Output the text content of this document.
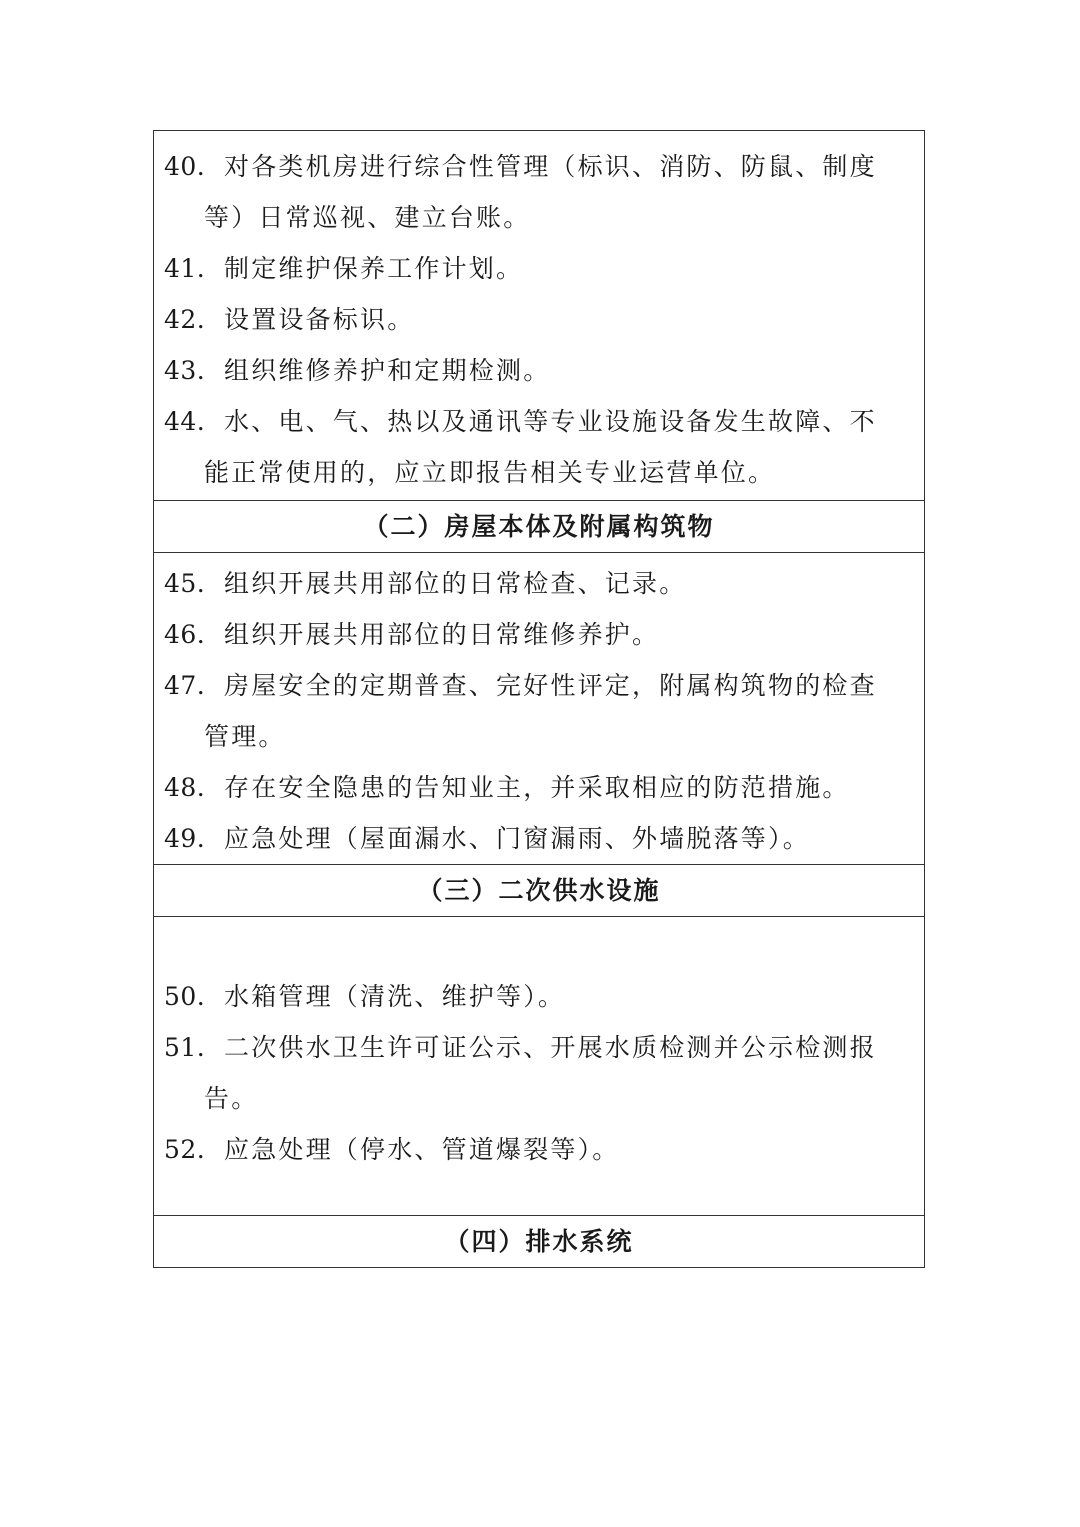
40. 对各类机房进行综合性管理（标识、消防、防鼠、制度
等）日常巡视、建立台账。
41. 制定维护保养工作计划。
42. 设置设备标识。
43. 组织维修养护和定期检测。
44. 水、电、气、热以及通讯等专业设施设备发生故障、不
能正常使用的，应立即报告相关专业运营单位。
（二）房屋本体及附属构筑物
45. 组织开展共用部位的日常检查、记录。
46. 组织开展共用部位的日常维修养护。
47. 房屋安全的定期普查、完好性评定，附属构筑物的检查
管理。
48. 存在安全隐患的告知业主，并采取相应的防范措施。
49. 应急处理（屋面漏水、门窗漏雨、外墙脱落等）。
（三）二次供水设施
50. 水箱管理（清洗、维护等）。
51. 二次供水卫生许可证公示、开展水质检测并公示检测报
告。
52. 应急处理（停水、管道爆裂等）。
（四）排水系统
